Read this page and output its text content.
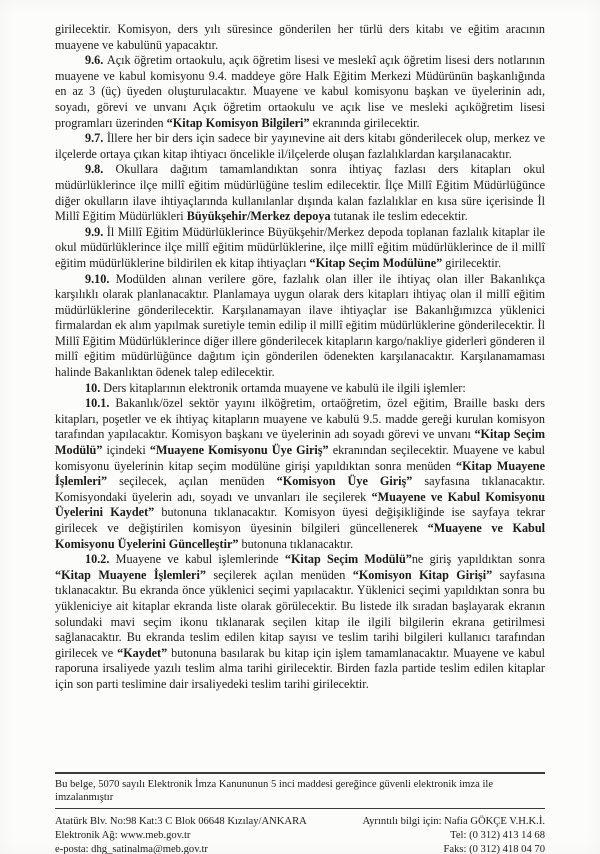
girilecektir. Komisyon, ders yılı süresince gönderilen her türlü ders kitabı ve eğitim aracının muayene ve kabulünü yapacaktır.

9.6. Açık öğretim ortaokulu, açık öğretim lisesi ve meslekî açık öğretim lisesi ders notlarının muayene ve kabul komisyonu 9.4. maddeye göre Halk Eğitim Merkezi Müdürünün başkanlığında en az 3 (üç) üyeden oluşturulacaktır. Muayene ve kabul komisyonu başkan ve üyelerinin adı, soyadı, görevi ve unvanı Açık öğretim ortaokulu ve açık lise ve mesleki açıköğretim lisesi programları üzerinden “Kitap Komisyon Bilgileri” ekranında girilecektir.

9.7. İllere her bir ders için sadece bir yayınevine ait ders kitabı gönderilecek olup, merkez ve ilçelerde ortaya çıkan kitap ihtiyacı öncelikle il/ilçelerde oluşan fazlalıklardan karşılanacaktır.

9.8. Okullara dağıtım tamamlandıktan sonra ihtiyaç fazlası ders kitapları okul müdürlüklerince ilçe millî eğitim müdürlüğüne teslim edilecektir. İlçe Millî Eğitim Müdürlüğünce diğer okulların ilave ihtiyaçlarında kullanılanlar dışında kalan fazlalıklar en kısa süre içerisinde İl Millî Eğitim Müdürlükleri Büyükşehir/Merkez depoya tutanak ile teslim edecektir.

9.9. İl Millî Eğitim Müdürlüklerince Büyükşehir/Merkez depoda toplanan fazlalık kitaplar ile okul müdürlüklerince ilçe millî eğitim müdürlüklerine, ilçe millî eğitim müdürlüklerince de il millî eğitim müdürlüklerine bildirilen ek kitap ihtiyaçları “Kitap Seçim Modülüne” girilecektir.

9.10. Modülden alınan verilere göre, fazlalık olan iller ile ihtiyaç olan iller Bakanlıkça karşılıklı olarak planlanacaktır. Planlamaya uygun olarak ders kitapları ihtiyaç olan il millî eğitim müdürlüklerine gönderilecektir. Karşılanamayan ilave ihtiyaçlar ise Bakanlığımızca yüklenici firmalardan ek alım yapılmak suretiyle temin edilip il millî eğitim müdürlüklerine gönderilecektir. İl Millî Eğitim Müdürlüklerince diğer illere gönderilecek kitapların kargo/nakliye giderleri gönderen il millî eğitim müdürlüğünce dağıtım için gönderilen ödenekten karşılanacaktır. Karşılanamaması halinde Bakanlıktan ödenek talep edilecektir.

10. Ders kitaplarının elektronik ortamda muayene ve kabulü ile ilgili işlemler:

10.1. Bakanlık/özel sektör yayını ilköğretim, ortaöğretim, özel eğitim, Braille baskı ders kitapları, poşetler ve ek ihtiyaç kitapların muayene ve kabulü 9.5. madde gereği kurulan komisyon tarafından yapılacaktır. Komisyon başkanı ve üyelerinin adı soyadı görevi ve unvanı “Kitap Seçim Modülü” içindeki “Muayene Komisyonu Üye Giriş” ekranından seçilecektir. Muayene ve kabul komisyonu üyelerinin kitap seçim modülüne girişi yapıldıktan sonra menüden “Kitap Muayene İşlemleri” seçilecek, açılan menüden “Komisyon Üye Giriş” sayfasına tıklanacaktır. Komisyondaki üyelerin adı, soyadı ve unvanları ile seçilerek “Muayene ve Kabul Komisyonu Üyelerini Kaydet” butonuna tıklanacaktır. Komisyon üyesi değişikliğinde ise sayfaya tekrar girilecek ve değiştirilen komisyon üyesinin bilgileri güncellenerek “Muayene ve Kabul Komisyonu Üyelerini Güncelleştir” butonuna tıklanacaktır.

10.2. Muayene ve kabul işlemlerinde “Kitap Seçim Modülü”ne giriş yapıldıktan sonra “Kitap Muayene İşlemleri” seçilerek açılan menüden “Komisyon Kitap Girişi” sayfasına tıklanacaktır. Bu ekranda önce yüklenici seçimi yapılacaktır. Yüklenici seçimi yapıldıktan sonra bu yükleniciye ait kitaplar ekranda liste olarak görülecektir. Bu listede ilk sıradan başlayarak ekranın solundaki mavi seçim ikonu tıklanarak seçilen kitap ile ilgili bilgilerin ekrana getirilmesi sağlanacaktır. Bu ekranda teslim edilen kitap sayısı ve teslim tarihi bilgileri kullanıcı tarafından girilecek ve “Kaydet” butonuna basılarak bu kitap için işlem tamamlanacaktır. Muayene ve kabul raporuna irsaliyede yazılı teslim alma tarihi girilecektir. Birden fazla partide teslim edilen kitaplar için son parti teslimine dair irsaliyedeki teslim tarihi girilecektir.

Bu belge, 5070 sayılı Elektronik İmza Kanununun 5 inci maddesi gereğince güvenli elektronik imza ile imzalanmıştır

Atatürk Blv. No:98 Kat:3 C Blok 06648 Kızılay/ANKARA

Elektronik Ağ: www.meb.gov.tr

e-posta: dhg_satinalma@meb.gov.tr

Ayrıntılı bilgi için: Nafia GÖKÇE V.H.K.İ.

Tel: (0 312) 413 14 68

Faks: (0 312) 418 04 70
